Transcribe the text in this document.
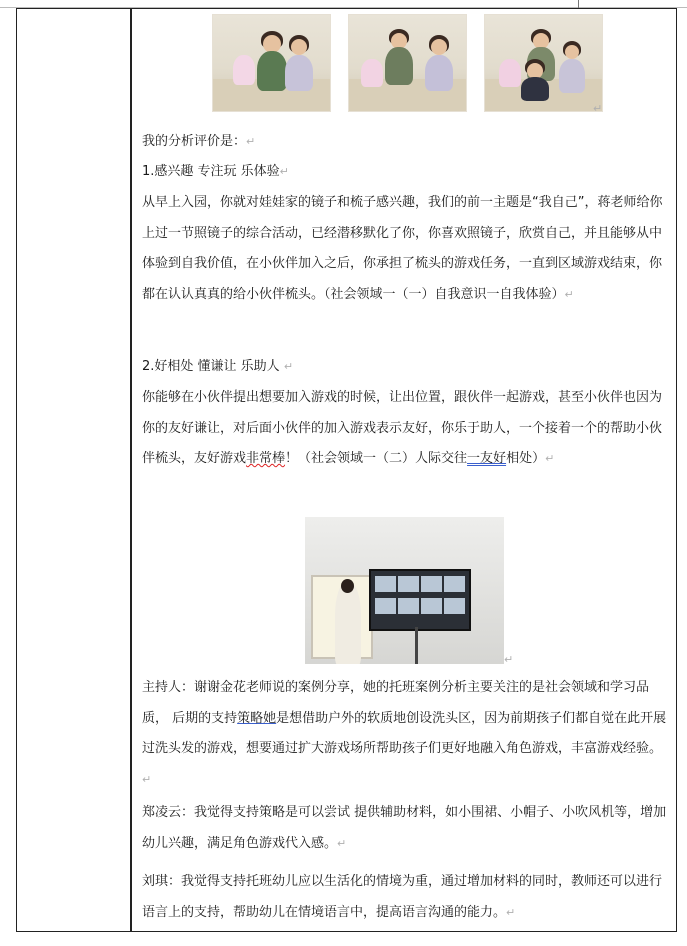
↵
我的分析评价是：↵
1.感兴趣 专注玩 乐体验↵
从早上入园，你就对娃娃家的镜子和梳子感兴趣，我们的前一主题是“我自己”，蒋老师给你上过一节照镜子的综合活动，已经潜移默化了你，你喜欢照镜子，欣赏自己，并且能够从中体验到自我价值，在小伙伴加入之后，你承担了梳头的游戏任务，一直到区域游戏结束，你都在认认真真的给小伙伴梳头。（社会领域一（一）自我意识一自我体验）↵
2.好相处 懂谦让 乐助人 ↵
你能够在小伙伴提出想要加入游戏的时候，让出位置，跟伙伴一起游戏，甚至小伙伴也因为你的友好谦让，对后面小伙伴的加入游戏表示友好，你乐于助人，一个接着一个的帮助小伙伴梳头，友好游戏非常棒！（社会领域一（二）人际交往一友好相处）↵
↵
主持人：谢谢金花老师说的案例分享，她的托班案例分析主要关注的是社会领域和学习品质， 后期的支持策略她是想借助户外的软质地创设洗头区，因为前期孩子们都自觉在此开展过洗头发的游戏，想要通过扩大游戏场所帮助孩子们更好地融入角色游戏，丰富游戏经验。↵
郑凌云：我觉得支持策略是可以尝试 提供辅助材料，如小围裙、小帽子、小吹风机等，增加幼儿兴趣，满足角色游戏代入感。↵
刘琪：我觉得支持托班幼儿应以生活化的情境为重，通过增加材料的同时，教师还可以进行语言上的支持，帮助幼儿在情境语言中，提高语言沟通的能力。↵
